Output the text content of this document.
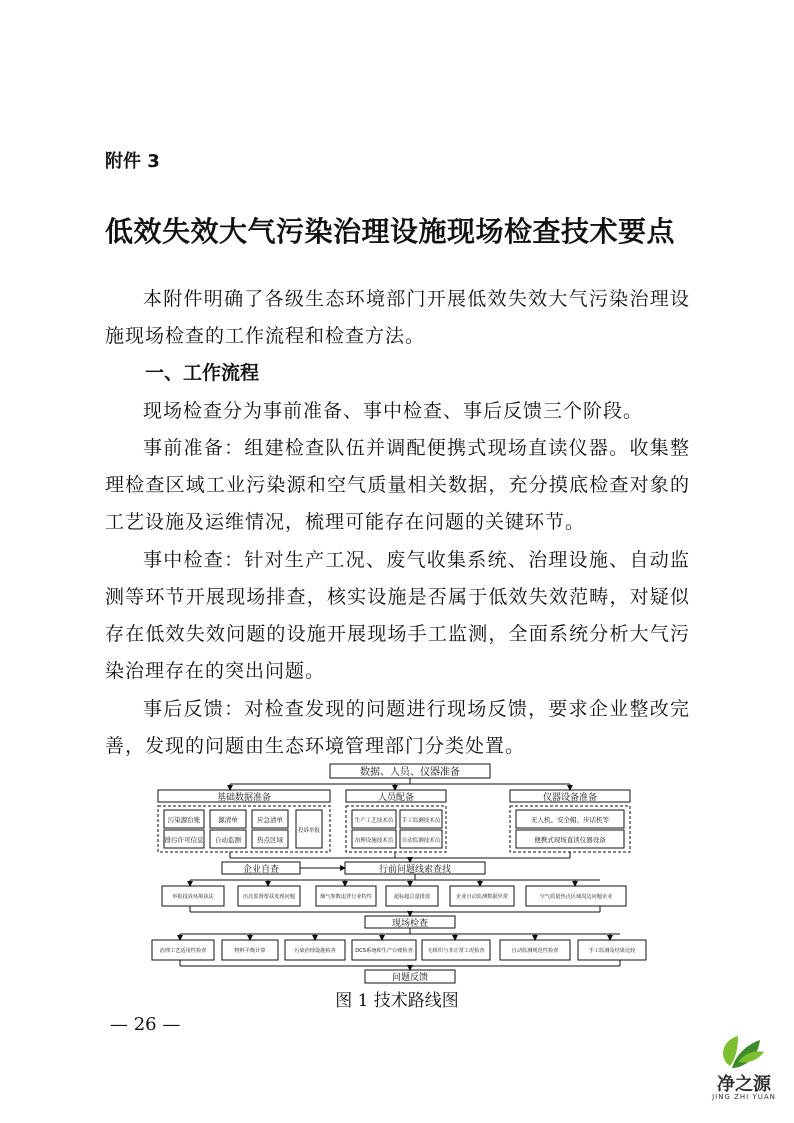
附件 3
低效失效大气污染治理设施现场检查技术要点
本附件明确了各级生态环境部门开展低效失效大气污染治理设施现场检查的工作流程和检查方法。
一、工作流程
现场检查分为事前准备、事中检查、事后反馈三个阶段。
事前准备：组建检查队伍并调配便携式现场直读仪器。收集整理检查区域工业污染源和空气质量相关数据，充分摸底检查对象的工艺设施及运维情况，梳理可能存在问题的关键环节。
事中检查：针对生产工况、废气收集系统、治理设施、自动监测等环节开展现场排查，核实设施是否属于低效失效范畴，对疑似存在低效失效问题的设施开展现场手工监测，全面系统分析大气污染治理存在的突出问题。
事后反馈：对检查发现的问题进行现场反馈，要求企业整改完善，发现的问题由生态环境管理部门分类处置。
数据、人员、仪器准备
基础数据准备	人员配备	仪器设备准备
污染源台账	源清单	应急清单
投诉举报
排污许可信息 自动监测 热点区域
生产工艺技术员 手工监测技术员
治理设施技术员 自动监测技术员
无人机、安全帽、步话机等
便携式现场直读仪器设备
企业自查	行前问题线索查找
现场检查
问题反馈
举报投诉环境执法	历次监督帮扶发现问题	烟气参数违背行业特性	超标超总量排放	企业自动监测数据异常	空气质量热点区域周边问题企业
治理工艺适用性检查	物料平衡计算	污染治理设施检查	DCS系统和生产台账检查	无组织与非正常工况检查	自动监测规范性检查	手工监测及结果比较
图 1 技术路线图
— 26 —
净之源
JING ZHI YUAN
